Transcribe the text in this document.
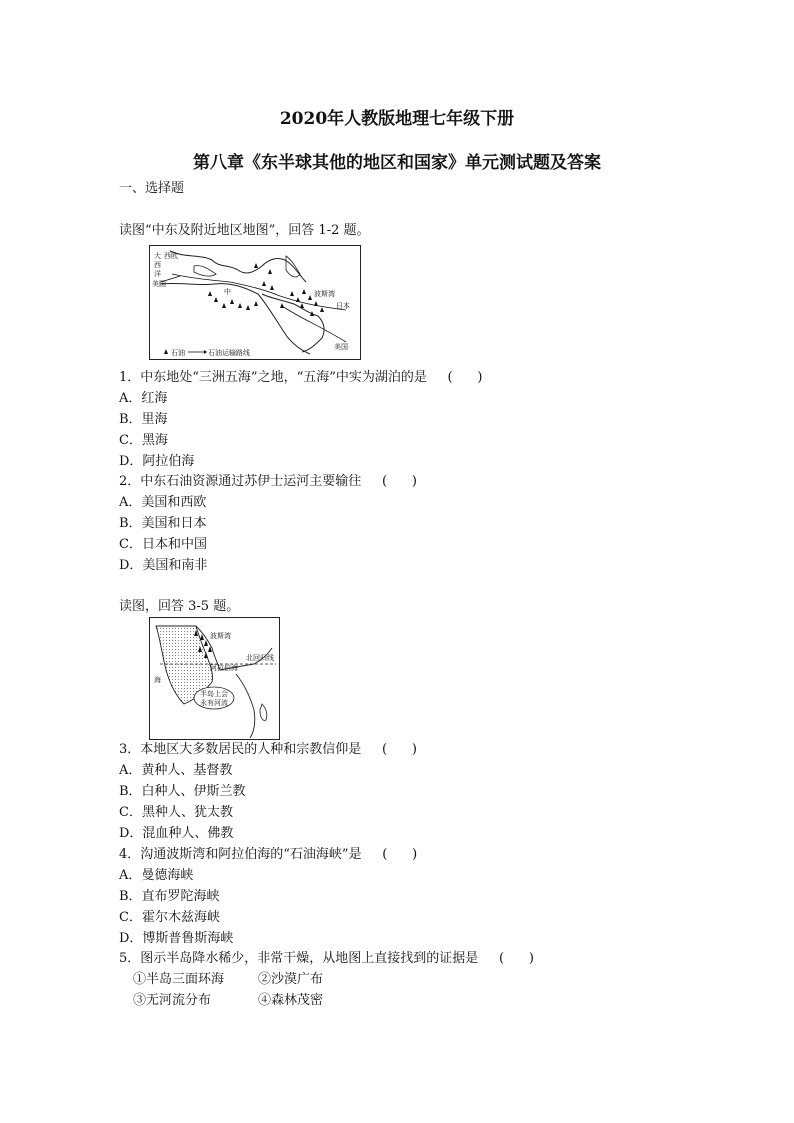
2020年人教版地理七年级下册
第八章《东半球其他的地区和国家》单元测试题及答案
一、选择题
读图“中东及附近地区地图”，回答 1-2 题。
大
西
洋
西欧
美国
中	波斯湾
日本
美国
石油	石油运输路线
1．中东地处“三洲五海”之地，“五海”中实为湖泊的是 (      )
A．红海
B．里海
C．黑海
D．阿拉伯海
2．中东石油资源通过苏伊士运河主要输往 (      )
A．美国和西欧
B．美国和日本
C．日本和中国
D．美国和南非
读图，回答 3-5 题。
波斯湾
阿拉伯海
北回归线
海
半岛上会
永有河流
3．本地区大多数居民的人种和宗教信仰是 (      )
A．黄种人、基督教
B．白种人、伊斯兰教
C．黑种人、犹太教
D．混血种人、佛教
4．沟通波斯湾和阿拉伯海的“石油海峡”是 (      )
A．曼德海峡
B．直布罗陀海峡
C．霍尔木兹海峡
D．博斯普鲁斯海峡
5．图示半岛降水稀少，非常干燥，从地图上直接找到的证据是 (      )
①半岛三面环海	②沙漠广布
③无河流分布	④森林茂密
